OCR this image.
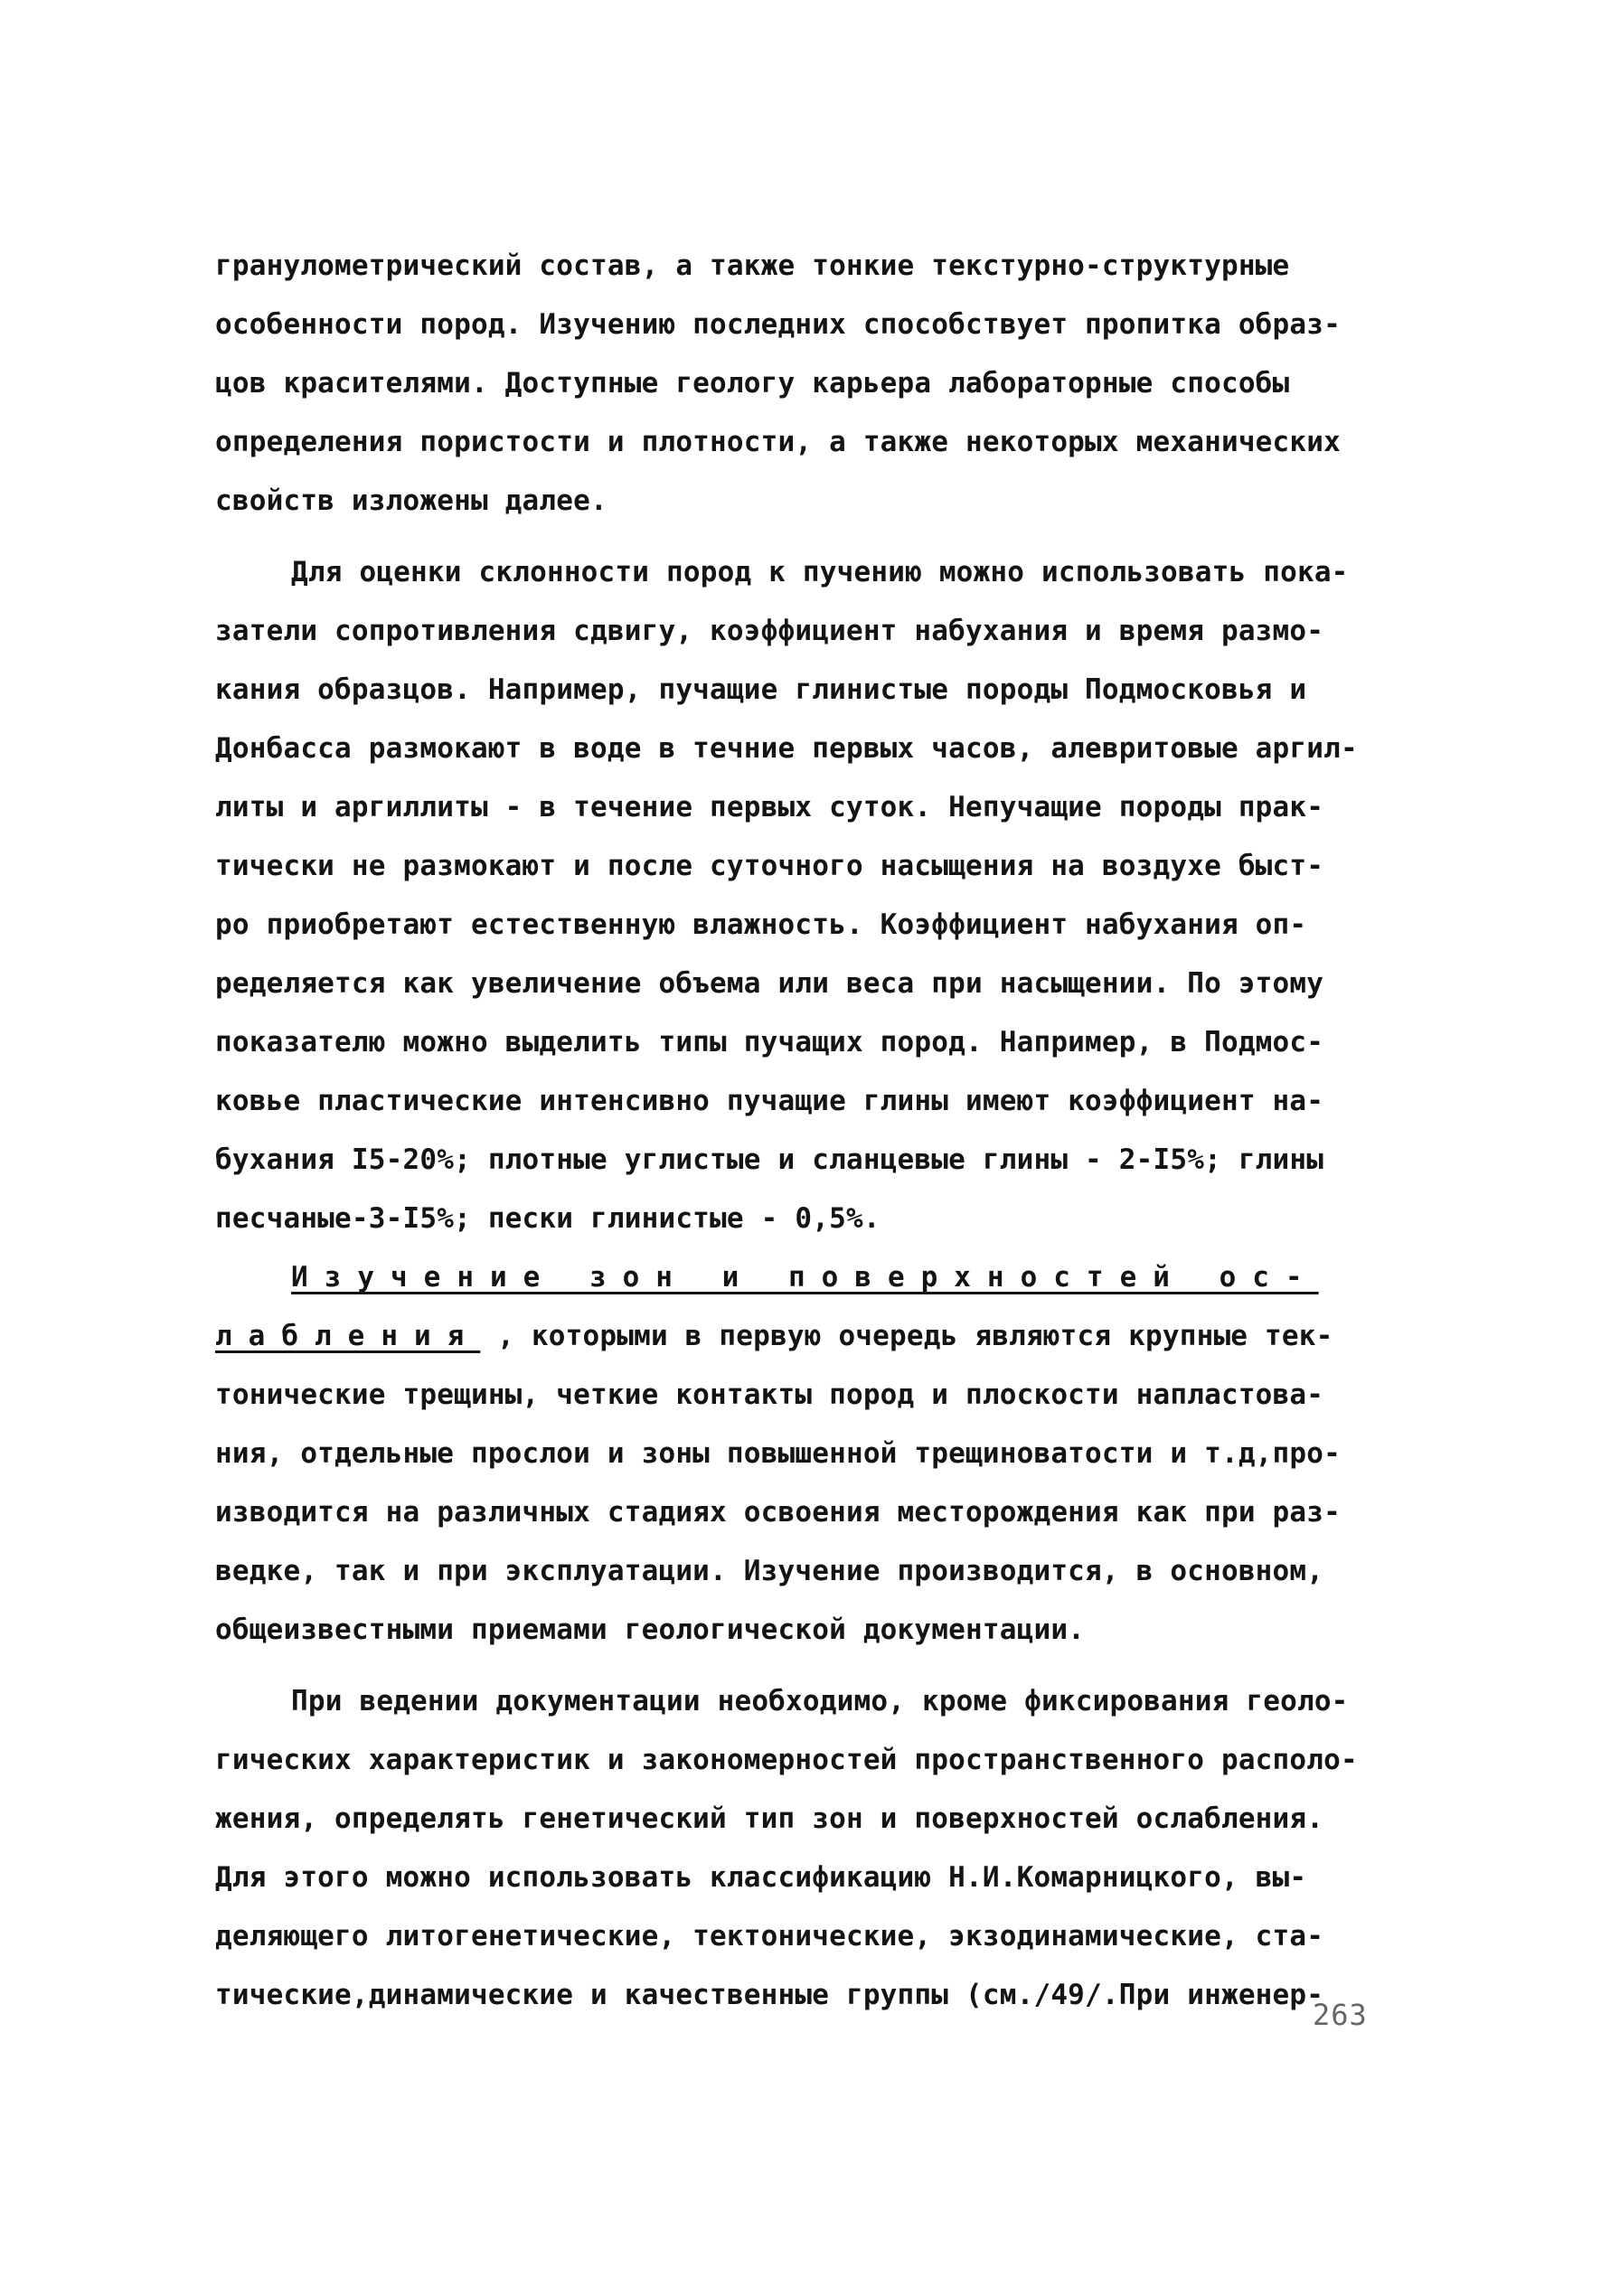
гранулометрический состав, а также тонкие текстурно-структурные
особенности пород. Изучению последних способствует пропитка образ-
цов красителями. Доступные геологу карьера лабораторные способы
определения пористости и плотности, а также некоторых механических
свойств изложены далее.
Для оценки склонности пород к пучению можно использовать пока-
затели сопротивления сдвигу, коэффициент набухания и время размо-
кания образцов. Например, пучащие глинистые породы Подмосковья и
Донбасса размокают в воде в течние первых часов, алевритовые аргил-
литы и аргиллиты - в течение первых суток. Непучащие породы прак-
тически не размокают и после суточного насыщения на воздухе быст-
ро приобретают естественную влажность. Коэффициент набухания оп-
ределяется как увеличение объема или веса при насыщении. По этому
показателю можно выделить типы пучащих пород. Например, в Подмос-
ковье пластические интенсивно пучащие глины имеют коэффициент на-
бухания I5-20%; плотные углистые и сланцевые глины - 2-I5%; глины
песчаные-3-I5%; пески глинистые - 0,5%.
Изучение зон и поверхностей ос-
лабления , которыми в первую очередь являются крупные тек-
тонические трещины, четкие контакты пород и плоскости напластова-
ния, отдельные прослои и зоны повышенной трещиноватости и т.д,про-
изводится на различных стадиях освоения месторождения как при раз-
ведке, так и при эксплуатации. Изучение производится, в основном,
общеизвестными приемами геологической документации.
При ведении документации необходимо, кроме фиксирования геоло-
гических характеристик и закономерностей пространственного располо-
жения, определять генетический тип зон и поверхностей ослабления.
Для этого можно использовать классификацию Н.И.Комарницкого, вы-
деляющего литогенетические, тектонические, экзодинамические, ста-
тические,динамические и качественные группы (см./49/.При инженер-
263
